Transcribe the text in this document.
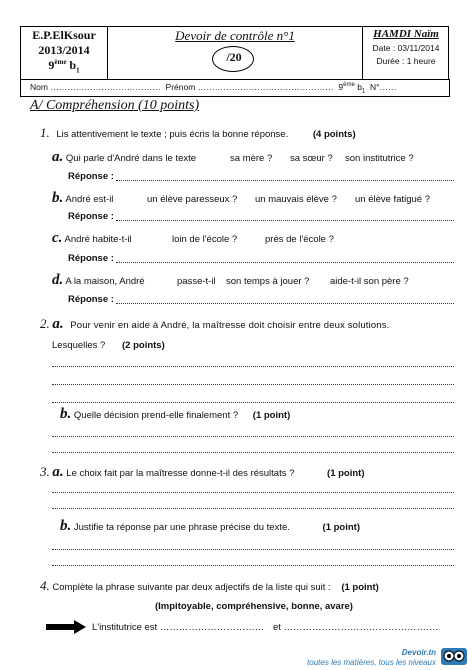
E.P.ElKsour
2013/2014
9ème $b_1$
Devoir de contrôle n°1
/20
HAMDI Naïm
Date : 03/11/2014
Durée : 1 heure
Nom ………………………………… Prénom ………………………………………… 9ème $b_1$ N°……
A/ Compréhension (10 points)
1. Lis attentivement le texte ; puis écris la bonne réponse.	(4 points)
a. Qui parle d'André dans le texte	sa mère ? sa sœur ? son institutrice ?
Réponse :
b. André est-il	un élève paresseux ? un mauvais élève ? un élève fatigué ?
Réponse :
c. André habite-t-il	loin de l'école ?	près de l'école ?
Réponse :
d. A la maison, André	passe-t-il son temps à jouer ? aide-t-il son père ?
Réponse :
2. a. Pour venir en aide à André, la maîtresse doit choisir entre deux solutions.
Lesquelles ? (2 points)
b. Quelle décision prend-elle finalement ? (1 point)
3. a. Le choix fait par la maîtresse donne-t-il des résultats ?	(1 point)
b. Justifie ta réponse par une phrase précise du texte.	(1 point)
4. Complète la phrase suivante par deux adjectifs de la liste qui suit : (1 point)
(Impitoyable, compréhensive, bonne, avare)
L'institutrice est …………………………… et ………………………………………….
Devoir.tn
toutes les matières, tous les niveaux
